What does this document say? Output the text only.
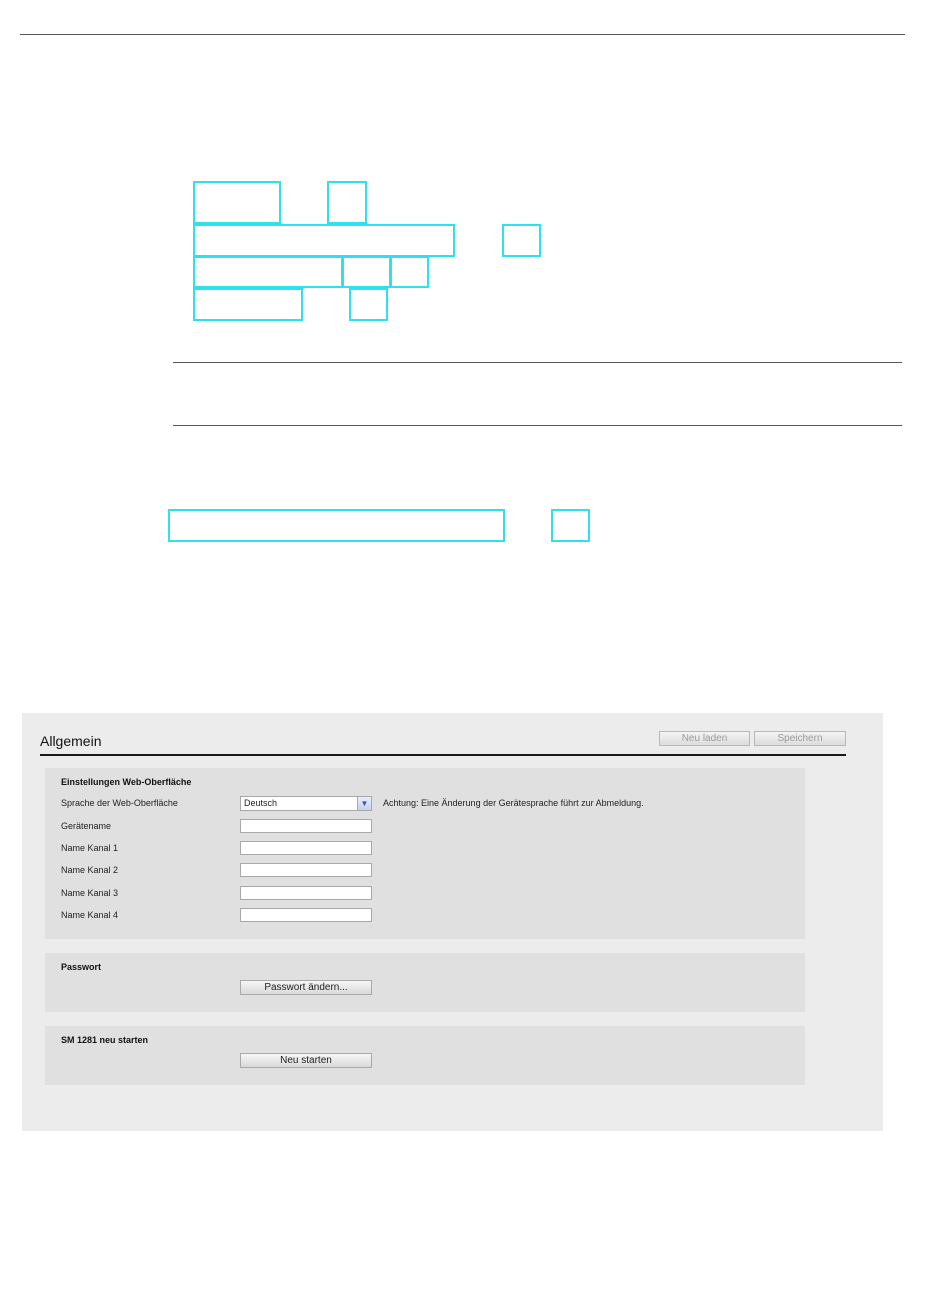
Allgemein	Neu laden	Speichern
Einstellungen Web-Oberfläche
Sprache der Web-Oberfläche	Deutsch	▼ Achtung: Eine Änderung der Gerätesprache führt zur Abmeldung.
Gerätename
Name Kanal 1
Name Kanal 2
Name Kanal 3
Name Kanal 4
Passwort
Passwort ändern...
SM 1281 neu starten
Neu starten
